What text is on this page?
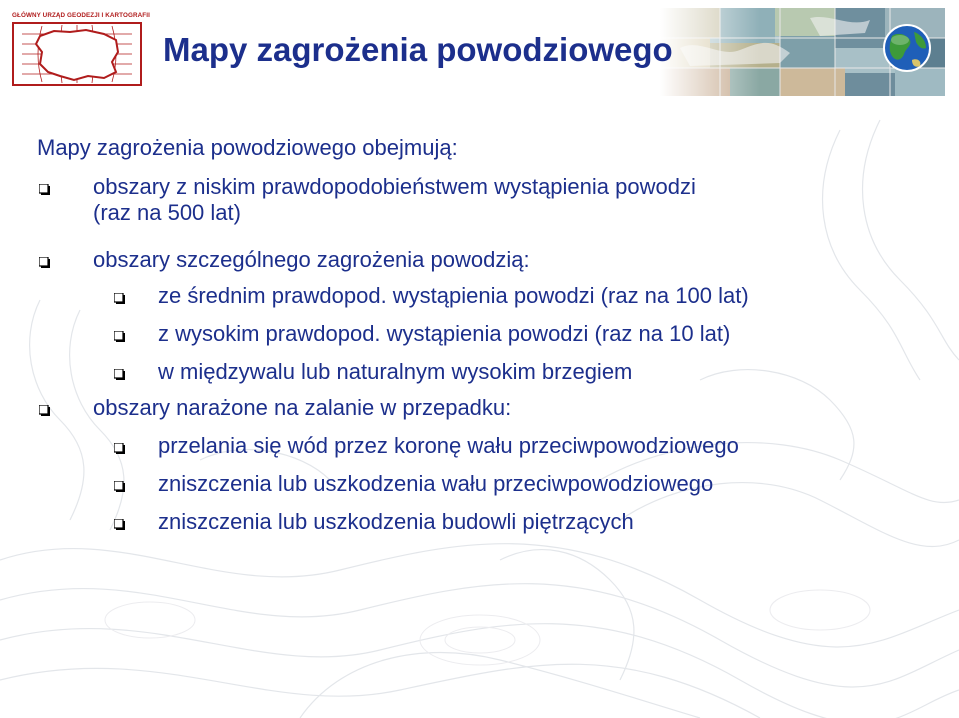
GŁÓWNY URZĄD GEODEZJI I KARTOGRAFII
Mapy zagrożenia powodziowego
Mapy zagrożenia powodziowego obejmują:
obszary z niskim prawdopodobieństwem wystąpienia powodzi
(raz na 500 lat)
obszary szczególnego zagrożenia powodzią:
ze średnim prawdopod. wystąpienia powodzi (raz na 100 lat)
z wysokim prawdopod. wystąpienia powodzi (raz na 10 lat)
w międzywalu lub naturalnym wysokim brzegiem
obszary narażone na zalanie w przepadku:
przelania się wód przez koronę wału przeciwpowodziowego
zniszczenia lub uszkodzenia wału przeciwpowodziowego
zniszczenia lub uszkodzenia budowli piętrzących
